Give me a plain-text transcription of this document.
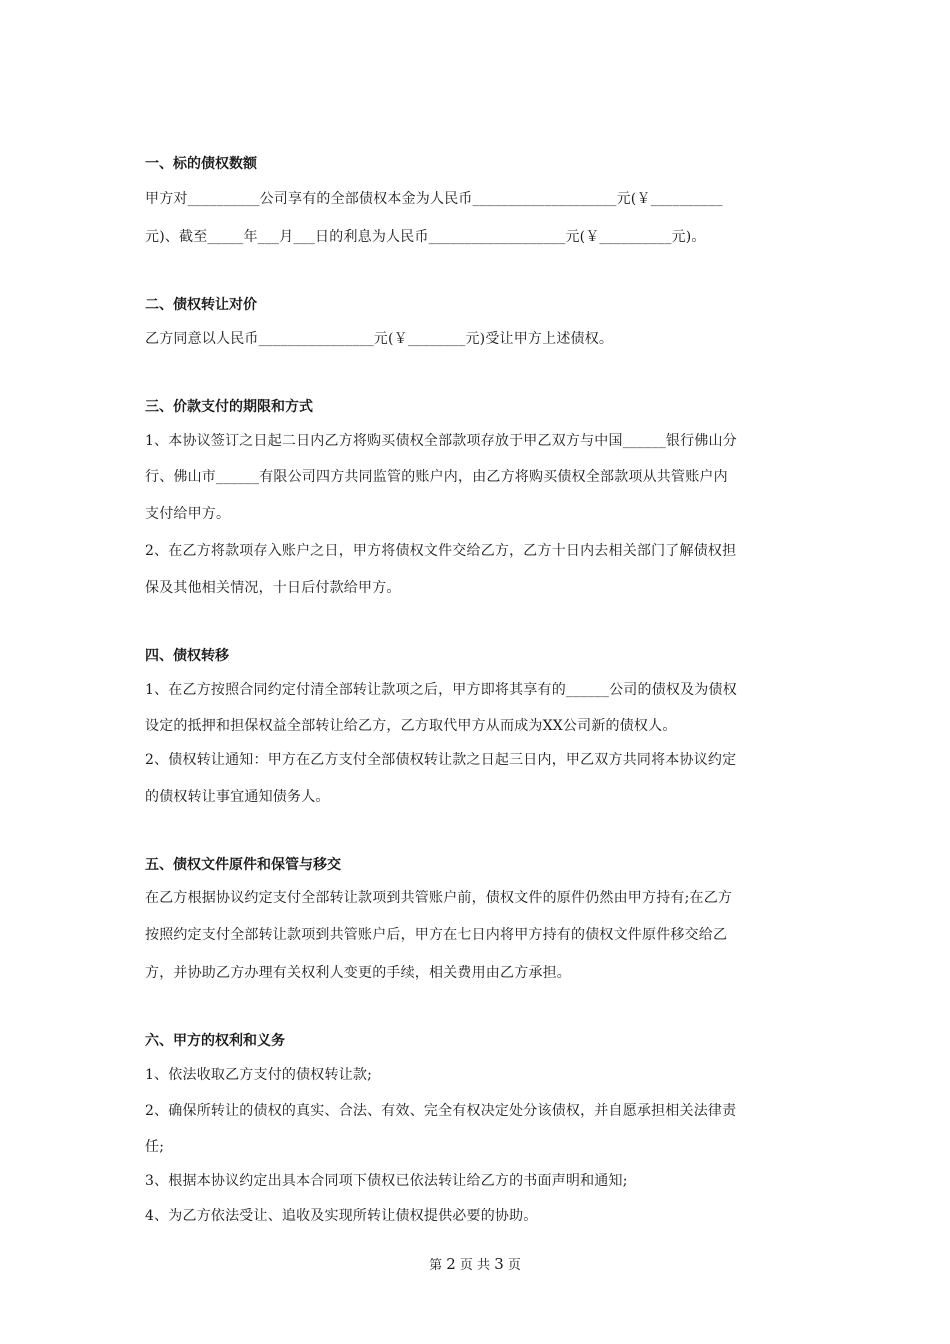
一、标的债权数额
甲方对__________公司享有的全部债权本金为人民币____________________元(￥__________
元)、截至_____年___月___日的利息为人民币___________________元(￥__________元)。
二、债权转让对价
乙方同意以人民币________________元(￥________元)受让甲方上述债权。
三、价款支付的期限和方式
1、本协议签订之日起二日内乙方将购买债权全部款项存放于甲乙双方与中国______银行佛山分
行、佛山市______有限公司四方共同监管的账户内，由乙方将购买债权全部款项从共管账户内
支付给甲方。
2、在乙方将款项存入账户之日，甲方将债权文件交给乙方，乙方十日内去相关部门了解债权担
保及其他相关情况，十日后付款给甲方。
四、债权转移
1、在乙方按照合同约定付清全部转让款项之后，甲方即将其享有的______公司的债权及为债权
设定的抵押和担保权益全部转让给乙方，乙方取代甲方从而成为XX公司新的债权人。
2、债权转让通知：甲方在乙方支付全部债权转让款之日起三日内，甲乙双方共同将本协议约定
的债权转让事宜通知债务人。
五、债权文件原件和保管与移交
在乙方根据协议约定支付全部转让款项到共管账户前，债权文件的原件仍然由甲方持有;在乙方
按照约定支付全部转让款项到共管账户后，甲方在七日内将甲方持有的债权文件原件移交给乙
方，并协助乙方办理有关权利人变更的手续，相关费用由乙方承担。
六、甲方的权利和义务
1、依法收取乙方支付的债权转让款;
2、确保所转让的债权的真实、合法、有效、完全有权决定处分该债权，并自愿承担相关法律责
任;
3、根据本协议约定出具本合同项下债权已依法转让给乙方的书面声明和通知;
4、为乙方依法受让、追收及实现所转让债权提供必要的协助。
第 2 页 共 3 页
